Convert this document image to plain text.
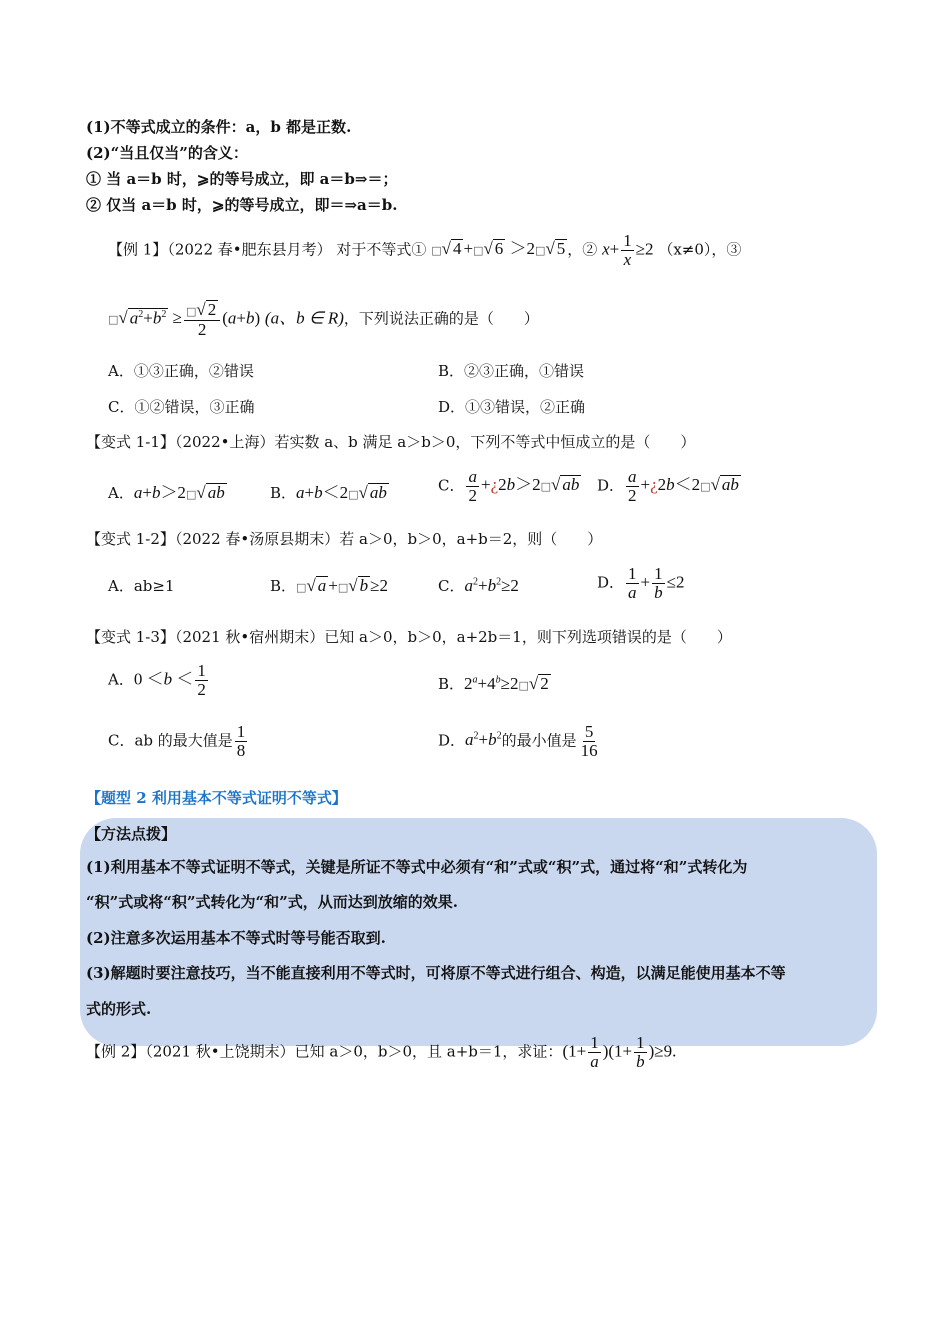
(1)不等式成立的条件：a，b 都是正数.
(2)“当且仅当”的含义：
① 当 a＝b 时，⩾的等号成立，即 a＝b⇒＝；
② 仅当 a＝b 时，⩾的等号成立，即＝⇒a＝b.
【例 1】（2022 春•肥东县月考） 对于不等式① □√ 4 +□√ 6 ＞2□√ 5 ，② $x+ \frac{1}{x} \ge 2$ （x≠0），③
□√ $a^2+b^2 \ge \frac{□√ 2}{2} (a+b)$ (a、b ∈ R)，下列说法正确的是（　　）
A．①③正确，②错误	B．②③正确，①错误
C．①②错误，③正确	D．①③错误，②正确
【变式 1-1】（2022•上海）若实数 a、b 满足 a＞b＞0，下列不等式中恒成立的是（　　）
A．a+b＞2□√ ab	B．a+b＜2□√ ab	C． $\frac{a}{2}$ +¿2b＞2□√ ab D． $\frac{a}{2}$ +¿2b＜2□√ ab
【变式 1-2】（2022 春•汤原县期末）若 a＞0，b＞0，a+b＝2，则（　　）
A．ab≥1	B．□√ a +□√ b ≥2	C．$a^2+b^2\ge 2$	D． $\frac{1}{a} + \frac{1}{b} \le 2$
【变式 1-3】（2021 秋•宿州期末）已知 a＞0，b＞0，a+2b＝1，则下列选项错误的是（　　）
A．$0 <b < \frac{1}{2}$	B．$2^a+4^b\ge 2□√$ 2
C．ab 的最大值是 $\frac{1}{8}$	D．$a^2+b^2$的最小值是 $\frac{5}{16}$
【题型 2 利用基本不等式证明不等式】
【方法点拨】
(1)利用基本不等式证明不等式，关键是所证不等式中必须有“和”式或“积”式，通过将“和”式转化为
“积”式或将“积”式转化为“和”式，从而达到放缩的效果.
(2)注意多次运用基本不等式时等号能否取到.
(3)解题时要注意技巧，当不能直接利用不等式时，可将原不等式进行组合、构造，以满足能使用基本不等
式的形式.
【例 2】（2021 秋•上饶期末）已知 a＞0，b＞0，且 a+b＝1，求证：$(1+ \frac{1}{a} )(1+ \frac{1}{b} )\ge 9$.
